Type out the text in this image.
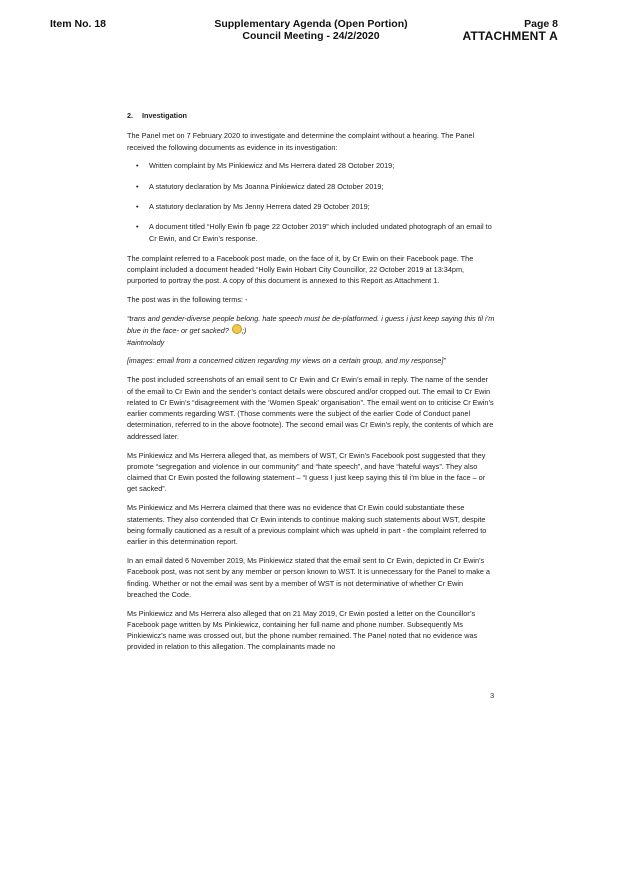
Item No. 18	Supplementary Agenda (Open Portion)
Council Meeting - 24/2/2020
Page 8
ATTACHMENT A
2. Investigation

The Panel met on 7 February 2020 to investigate and determine the complaint without a hearing. The Panel received the following documents as evidence in its investigation:

• Written complaint by Ms Pinkiewicz and Ms Herrera dated 28 October 2019;
• A statutory declaration by Ms Joanna Pinkiewicz dated 28 October 2019;
• A statutory declaration by Ms Jenny Herrera dated 29 October 2019;
• A document titled “Holly Ewin fb page 22 October 2019” which included undated photograph of an email to Cr Ewin, and Cr Ewin’s response.

The complaint referred to a Facebook post made, on the face of it, by Cr Ewin on their Facebook page. The complaint included a document headed “Holly Ewin Hobart City Councillor, 22 October 2019 at 13:34pm, purported to portray the post. A copy of this document is annexed to this Report as Attachment 1.

The post was in the following terms: -

“trans and gender-diverse people belong. hate speech must be de-platformed. i guess i just keep saying this til i’m blue in the face- or get sacked? ;)
#aintnolady

[images: email from a concerned citizen regarding my views on a certain group, and my response]”

The post included screenshots of an email sent to Cr Ewin and Cr Ewin’s email in reply. The name of the sender of the email to Cr Ewin and the sender’s contact details were obscured and/or cropped out. The email to Cr Ewin related to Cr Ewin’s “disagreement with the ‘Women Speak’ organisation”. The email went on to criticise Cr Ewin’s earlier comments regarding WST. (Those comments were the subject of the earlier Code of Conduct panel determination, referred to in the above footnote). The second email was Cr Ewin’s reply, the contents of which are addressed later.

Ms Pinkiewicz and Ms Herrera alleged that, as members of WST, Cr Ewin’s Facebook post suggested that they promote “segregation and violence in our community” and “hate speech”, and have “hateful ways”. They also claimed that Cr Ewin posted the following statement – “I guess I just keep saying this til i’m blue in the face – or get sacked”.

Ms Pinkiewicz and Ms Herrera claimed that there was no evidence that Cr Ewin could substantiate these statements. They also contended that Cr Ewin intends to continue making such statements about WST, despite being formally cautioned as a result of a previous complaint which was upheld in part - the complaint referred to earlier in this determination report.

In an email dated 6 November 2019, Ms Pinkiewicz stated that the email sent to Cr Ewin, depicted in Cr Ewin’s Facebook post, was not sent by any member or person known to WST. It is unnecessary for the Panel to make a finding. Whether or not the email was sent by a member of WST is not determinative of whether Cr Ewin breached the Code.

Ms Pinkiewicz and Ms Herrera also alleged that on 21 May 2019, Cr Ewin posted a letter on the Councillor’s Facebook page written by Ms Pinkiewicz, containing her full name and phone number. Subsequently Ms Pinkiewicz’s name was crossed out, but the phone number remained. The Panel noted that no evidence was provided in relation to this allegation. The complainants made no

3
